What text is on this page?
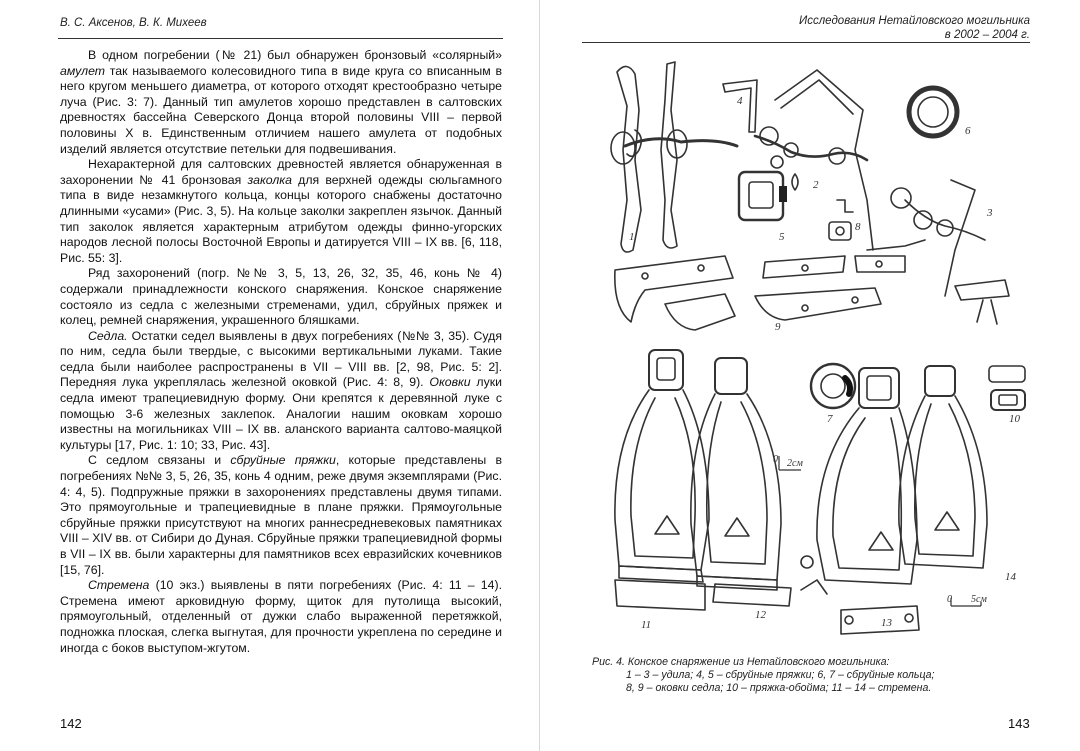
В. С. Аксенов, В. К. Михеев

В одном погребении (№ 21) был обнаружен бронзовый «солярный» амулет так называемого колесовидного типа в виде круга со вписанным в него кругом меньшего диаметра, от которого отходят крестообразно четыре луча (Рис. 3: 7). Данный тип амулетов хорошо представлен в салтовских древностях бассейна Северского Донца второй половины VIII – первой половины X в. Единственным отличием нашего амулета от подобных изделий является отсутствие петельки для подвешивания.

Нехарактерной для салтовских древностей является обнаруженная в захоронении № 41 бронзовая заколка для верхней одежды сюльгамного типа в виде незамкнутого кольца, концы которого снабжены достаточно длинными «усами» (Рис. 3, 5). На кольце заколки закреплен язычок. Данный тип заколок является характерным атрибутом одежды финно-угорских народов лесной полосы Восточной Европы и датируется VIII – IX вв. [6, 118, Рис. 55: 3].

Ряд захоронений (погр. №№ 3, 5, 13, 26, 32, 35, 46, конь № 4) содержали принадлежности конского снаряжения. Конское снаряжение состояло из седла с железными стременами, удил, сбруйных пряжек и колец, ремней снаряжения, украшенного бляшками.

Седла. Остатки седел выявлены в двух погребениях (№№ 3, 35). Судя по ним, седла были твердые, с высокими вертикальными луками. Такие седла были наиболее распространены в VII – VIII вв. [2, 98, Рис. 5: 2]. Передняя лука укреплялась железной оковкой (Рис. 4: 8, 9). Оковки луки седла имеют трапециевидную форму. Они крепятся к деревянной луке с помощью 3-6 железных заклепок. Аналогии нашим оковкам хорошо известны на могильниках VIII – IX вв. аланского варианта салтово-маяцкой культуры [17, Рис. 1: 10; 33, Рис. 43].

С седлом связаны и сбруйные пряжки, которые представлены в погребениях №№ 3, 5, 26, 35, конь 4 одним, реже двумя экземплярами (Рис. 4: 4, 5). Подпружные пряжки в захоронениях представлены двумя типами. Это прямоугольные и трапециевидные в плане пряжки. Прямоугольные сбруйные пряжки присутствуют на многих раннесредневековых памятниках VIII – XIV вв. от Сибири до Дуная. Сбруйные пряжки трапециевидной формы в VII – IX вв. были характерны для памятников всех евразийских кочевников [15, 76].

Стремена (10 экз.) выявлены в пяти погребениях (Рис. 4: 11 – 14). Стремена имеют арковидную форму, щиток для путолища высокий, прямоугольный, отделенный от дужки слабо выраженной перетяжкой, подножка плоская, слегка выгнутая, для прочности укреплена по середине и иногда с боков выступом-жгутом.

142
Исследования Нетайловского могильника
в 2002 – 2004 г.
0 2см
0 5см
1
2
3
4
5
6
7
8
9
10
11
12
13
14
Рис. 4. Конское снаряжение из Нетайловского могильника:
1 – 3 – удила; 4, 5 – сбруйные пряжки; 6, 7 – сбруйные кольца;
8, 9 – оковки седла; 10 – пряжка-обойма; 11 – 14 – стремена.
143
